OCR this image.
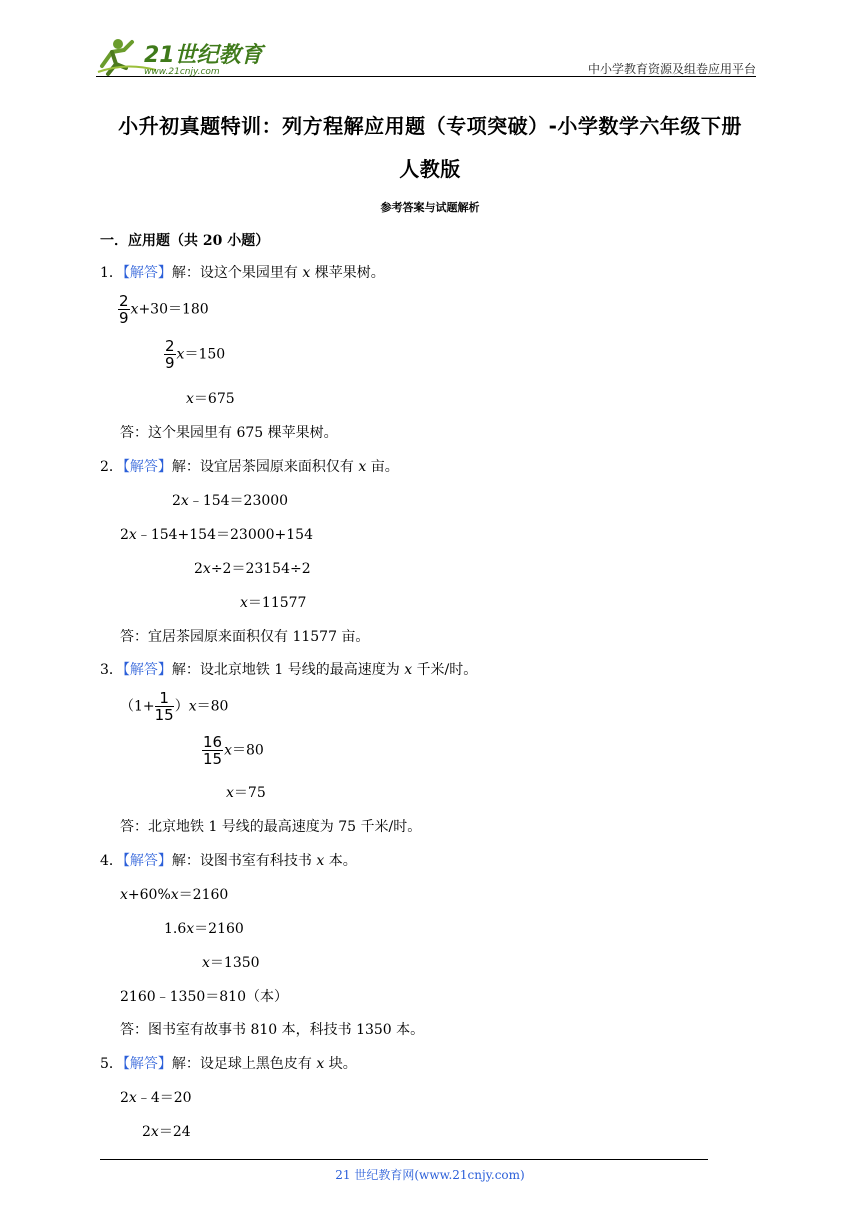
21世纪教育
www.21cnjy.com	中小学教育资源及组卷应用平台
小升初真题特训：列方程解应用题（专项突破）-小学数学六年级下册
人教版
参考答案与试题解析
一．应用题（共 20 小题）
1．【解答】解：设这个果园里有 x 棵苹果树。
$\frac{2}{9} x+30=180$
$\frac{2}{9} x=150$
x＝675
答：这个果园里有 675 棵苹果树。
2．【解答】解：设宜居茶园原来面积仅有 x 亩。
2x﹣154＝23000
2x﹣154+154＝23000+154
2x÷2＝23154÷2
x＝11577
答：宜居茶园原来面积仅有 11577 亩。
3．【解答】解：设北京地铁 1 号线的最高速度为 x 千米/时。
$(1+ \frac{1}{15} )x=80$
$\frac{16}{15} x=80$
x＝75
答：北京地铁 1 号线的最高速度为 75 千米/时。
4．【解答】解：设图书室有科技书 x 本。
x+60%x＝2160
1.6x＝2160
x＝1350
2160﹣1350＝810（本）
答：图书室有故事书 810 本，科技书 1350 本。
5．【解答】解：设足球上黑色皮有 x 块。
2x﹣4＝20
2x＝24
21 世纪教育网(www.21cnjy.com)
